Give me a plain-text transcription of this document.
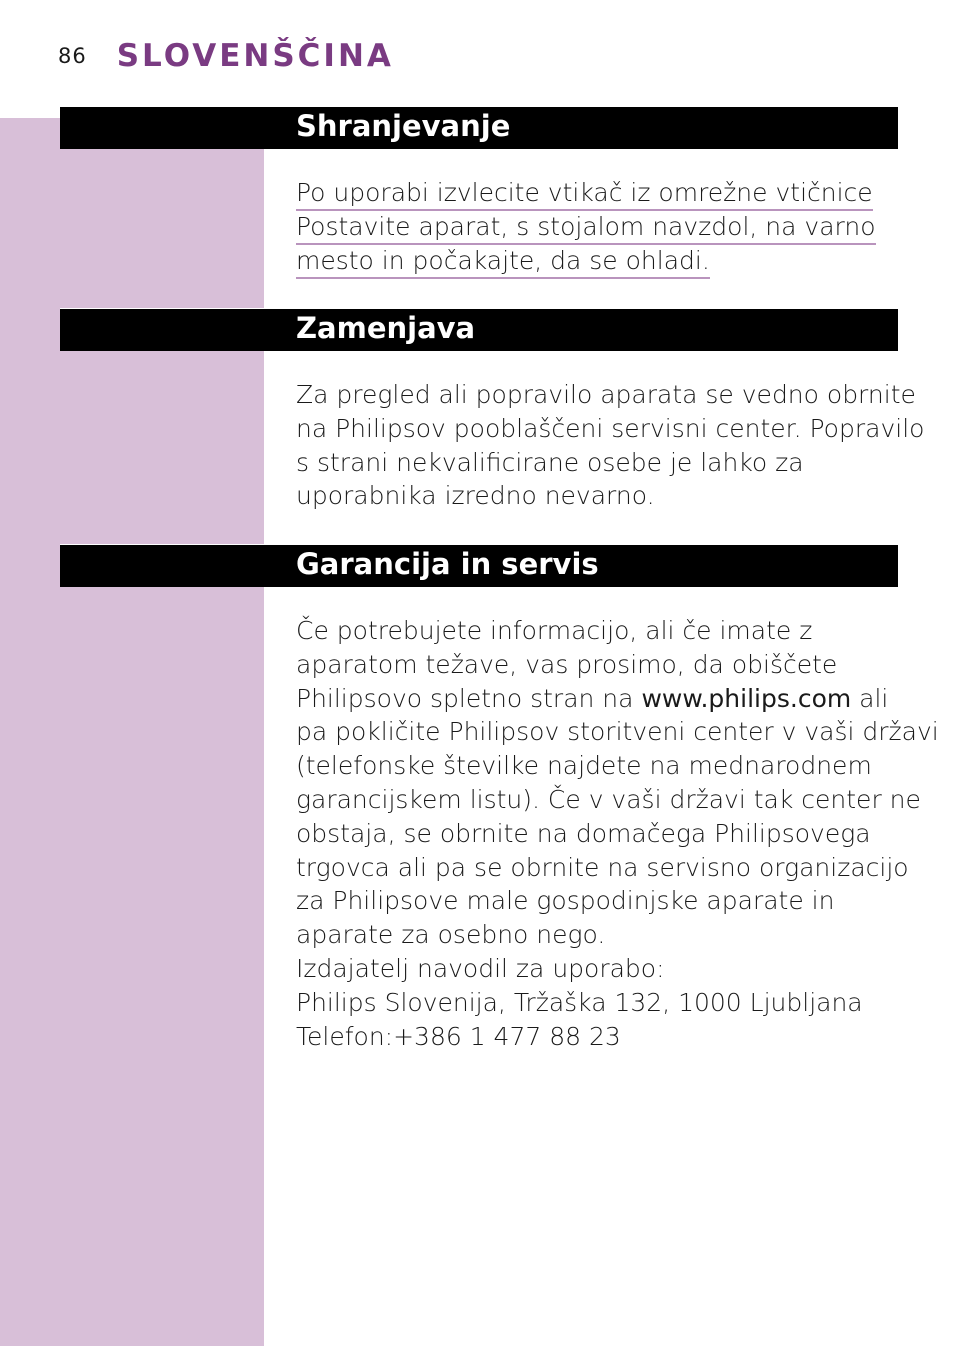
86 SLOVENŠČINA
Shranjevanje
Po uporabi izvlecite vtikač iz omrežne vtičnice
Postavite aparat, s stojalom navzdol, na varno
mesto in počakajte, da se ohladi.
Zamenjava
Za pregled ali popravilo aparata se vedno obrnite
na Philipsov pooblaščeni servisni center. Popravilo
s strani nekvalificirane osebe je lahko za
uporabnika izredno nevarno.
Garancija in servis
Če potrebujete informacijo, ali če imate z
aparatom težave, vas prosimo, da obiščete
Philipsovo spletno stran na www.philips.com ali
pa pokličite Philipsov storitveni center v vaši državi
(telefonske številke najdete na mednarodnem
garancijskem listu). Če v vaši državi tak center ne
obstaja, se obrnite na domačega Philipsovega
trgovca ali pa se obrnite na servisno organizacijo
za Philipsove male gospodinjske aparate in
aparate za osebno nego.
Izdajatelj navodil za uporabo:
Philips Slovenija, Tržaška 132, 1000 Ljubljana
Telefon:+386 1 477 88 23
